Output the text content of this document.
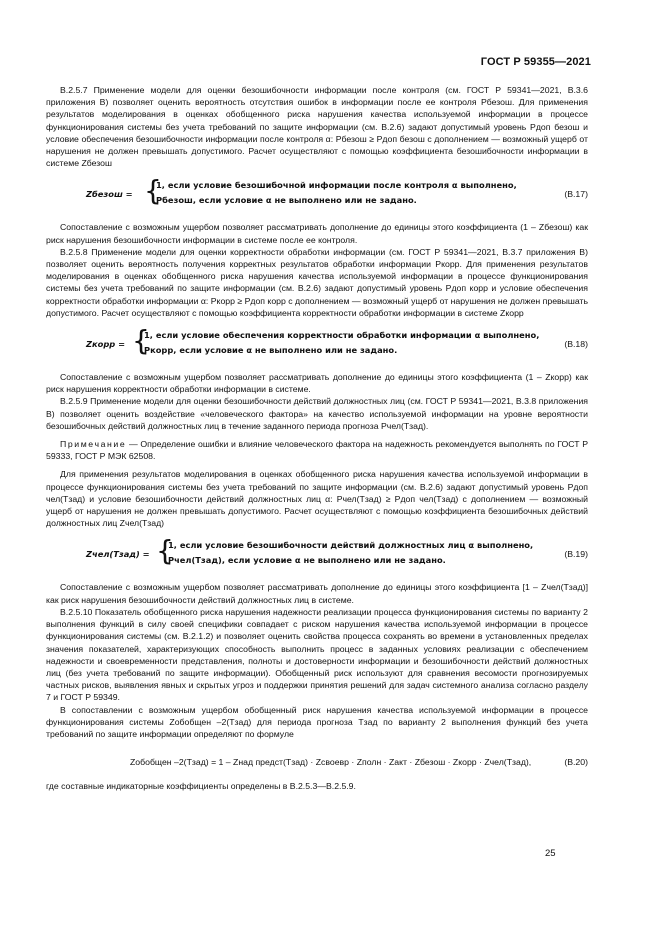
ГОСТ Р 59355—2021

В.2.5.7 Применение модели для оценки безошибочности информации после контроля (см. ГОСТ Р 59341—2021, В.3.6 приложения В) позволяет оценить вероятность отсутствия ошибок в информации после ее контроля Pбезош. Для применения результатов моделирования в оценках обобщенного риска нарушения качества используемой информации в процессе функционирования системы без учета требований по защите информации (см. В.2.6) задают допустимый уровень Pдоп безош и условие обеспечения безошибочности информации после контроля α: Pбезош ≥ Pдоп безош с дополнением — возможный ущерб от нарушения не должен превышать допустимого. Расчет осуществляют с помощью коэффициента безошибочности информации в системе Zбезош

Zбезош = {
1, если условие безошибочной информации после контроля α выполнено,
Pбезош, если условие α не выполнено или не задано.
(В.17)

Сопоставление с возможным ущербом позволяет рассматривать дополнение до единицы этого коэффициента (1 – Zбезош) как риск нарушения безошибочности информации в системе после ее контроля.

В.2.5.8 Применение модели для оценки корректности обработки информации (см. ГОСТ Р 59341—2021, В.3.7 приложения В) позволяет оценить вероятность получения корректных результатов обработки информации Pкорр. Для применения результатов моделирования в оценках обобщенного риска нарушения качества используемой информации в процессе функционирования системы без учета требований по защите информации (см. В.2.6) задают допустимый уровень Pдоп корр и условие обеспечения корректности обработки информации α: Pкорр ≥ Pдоп корр с дополнением — возможный ущерб от нарушения не должен превышать допустимого. Расчет осуществляют с помощью коэффициента корректности обработки информации в системе Zкорр

Zкорр = {
1, если условие обеспечения корректности обработки информации α выполнено,
Pкорр, если условие α не выполнено или не задано.
(В.18)

Сопоставление с возможным ущербом позволяет рассматривать дополнение до единицы этого коэффициента (1 – Zкорр) как риск нарушения корректности обработки информации в системе.

В.2.5.9 Применение модели для оценки безошибочности действий должностных лиц (см. ГОСТ Р 59341—2021, В.3.8 приложения В) позволяет оценить воздействие «человеческого фактора» на качество используемой информации на уровне вероятности безошибочных действий должностных лиц в течение заданного периода прогноза Pчел(Tзад).

Примечание — Определение ошибки и влияние человеческого фактора на надежность рекомендуется выполнять по ГОСТ Р 59333, ГОСТ Р МЭК 62508.

Для применения результатов моделирования в оценках обобщенного риска нарушения качества используемой информации в процессе функционирования системы без учета требований по защите информации (см. В.2.6) задают допустимый уровень Pдоп чел(Tзад) и условие безошибочности действий должностных лиц α: Pчел(Tзад) ≥ Pдоп чел(Tзад) с дополнением — возможный ущерб от нарушения не должен превышать допустимого. Расчет осуществляют с помощью коэффициента безошибочных действий должностных лиц Zчел(Tзад)

Zчел(Tзад) = {
1, если условие безошибочности действий должностных лиц α выполнено,
Pчел(Tзад), если условие α не выполнено или не задано.
(В.19)

Сопоставление с возможным ущербом позволяет рассматривать дополнение до единицы этого коэффициента [1 – Zчел(Tзад)] как риск нарушения безошибочности действий должностных лиц в системе.

В.2.5.10 Показатель обобщенного риска нарушения надежности реализации процесса функционирования системы по варианту 2 выполнения функций в силу своей специфики совпадает с риском нарушения качества используемой информации в процессе функционирования системы (см. В.2.1.2) и позволяет оценить свойства процесса сохранять во времени в установленных пределах значения показателей, характеризующих способность выполнить процесс в заданных условиях реализации с обеспечением надежности и своевременности представления, полноты и достоверности информации и безошибочности действий должностных лиц (без учета требований по защите информации). Обобщенный риск используют для сравнения весомости прогнозируемых частных рисков, выявления явных и скрытых угроз и поддержки принятия решений для задач системного анализа согласно разделу 7 и ГОСТ Р 59349.

В сопоставлении с возможным ущербом обобщенный риск нарушения качества используемой информации в процессе функционирования системы Zобобщен –2(Tзад) для периода прогноза Tзад по варианту 2 выполнения функций без учета требований по защите информации определяют по формуле

Zобобщен –2(Tзад) = 1 – Zнад предст(Tзад) · Zсвоевр · Zполн · Zакт · Zбезош · Zкорр · Zчел(Tзад),	(В.20)

где составные индикаторные коэффициенты определены в В.2.5.3—В.2.5.9.

25
